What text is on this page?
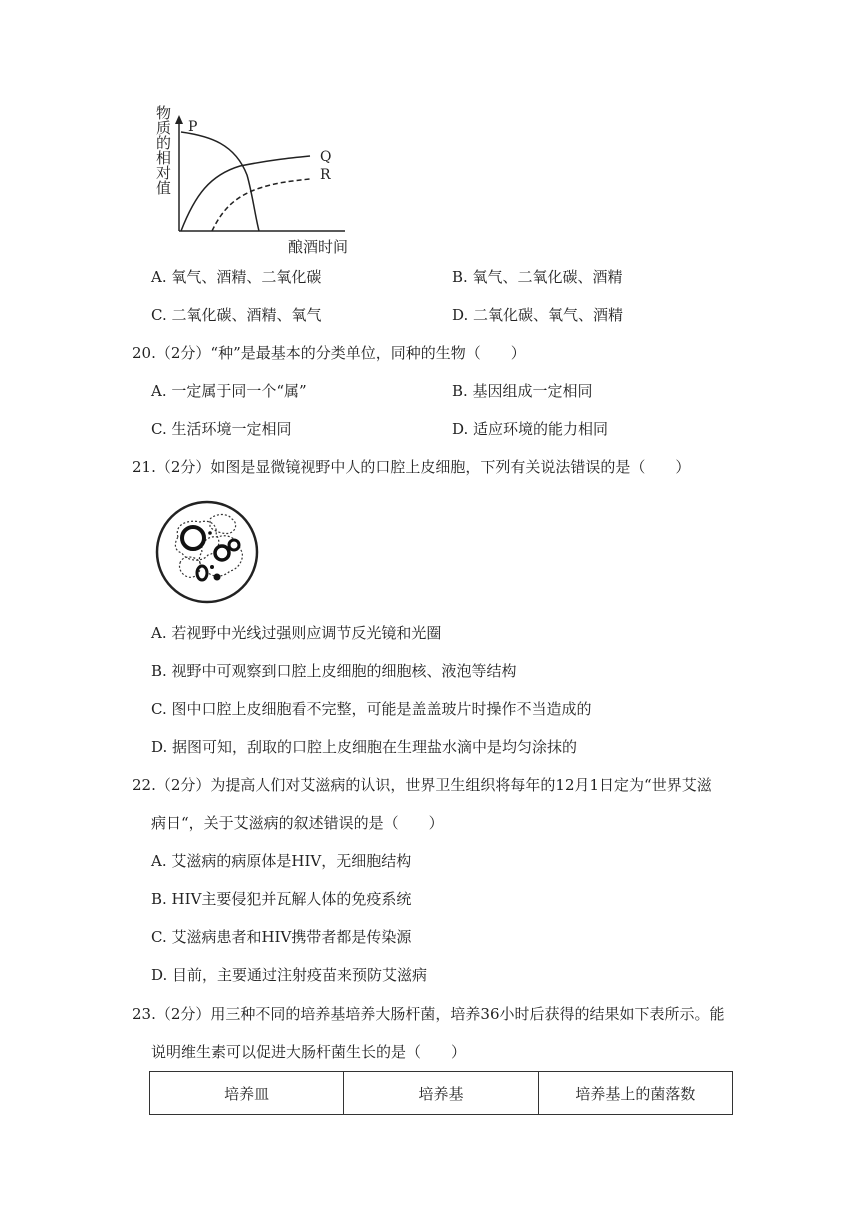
物质的相对值 P
Q
R
酿酒时间
A. 氧气、酒精、二氧化碳	B. 氧气、二氧化碳、酒精
C. 二氧化碳、酒精、氧气	D. 二氧化碳、氧气、酒精
20.（2分）“种”是最基本的分类单位，同种的生物（　　）
A. 一定属于同一个“属”	B. 基因组成一定相同
C. 生活环境一定相同	D. 适应环境的能力相同
21.（2分）如图是显微镜视野中人的口腔上皮细胞，下列有关说法错误的是（　　）
A. 若视野中光线过强则应调节反光镜和光圈
B. 视野中可观察到口腔上皮细胞的细胞核、液泡等结构
C. 图中口腔上皮细胞看不完整，可能是盖盖玻片时操作不当造成的
D. 据图可知，刮取的口腔上皮细胞在生理盐水滴中是均匀涂抹的
22.（2分）为提高人们对艾滋病的认识，世界卫生组织将每年的12月1日定为“世界艾滋
病日“，关于艾滋病的叙述错误的是（　　）
A. 艾滋病的病原体是HIV，无细胞结构
B. HIV主要侵犯并瓦解人体的免疫系统
C. 艾滋病患者和HIV携带者都是传染源
D. 目前，主要通过注射疫苗来预防艾滋病
23.（2分）用三种不同的培养基培养大肠杆菌，培养36小时后获得的结果如下表所示。能
说明维生素可以促进大肠杆菌生长的是（　　）
培养皿	培养基	培养基上的菌落数
